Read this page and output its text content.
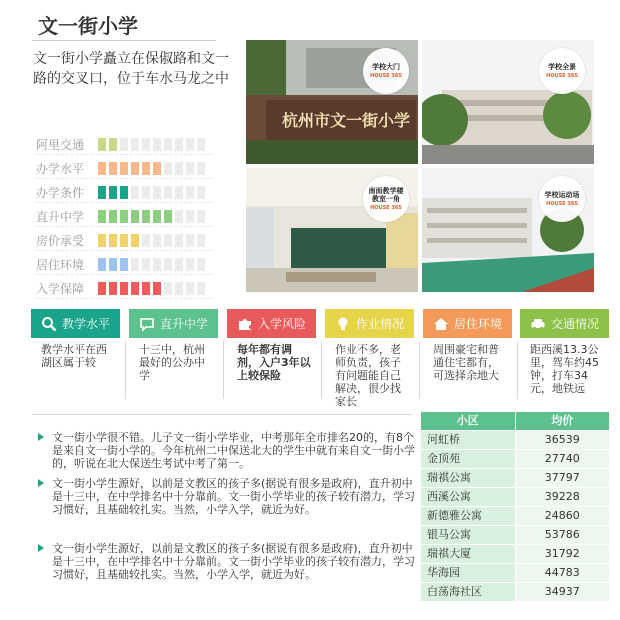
文一街小学
文一街小学矗立在保俶路和文一路的交叉口，位于车水马龙之中
阿里交通
办学水平
办学条件
直升中学
房价承受
居住环境
入学保障
杭州市文一街小学
学校大门
HOUSE 365
学校全景
HOUSE 365
南面教学楼教室一角
HOUSE 365
学校运动场
HOUSE 365
教学水平
教学水平在西湖区属于较
直升中学
十三中，杭州最好的公办中学
入学风险
每年都有调剂，入户3年以上较保险
作业情况
作业不多，老师负责，孩子有问题能自己解决，很少找家长
居住环境
周围豪宅和普通住宅都有，可选择余地大
交通情况
距西溪13.3公里，驾车约45钟，打车34元，地铁远
文一街小学很不错。儿子文一街小学毕业，中考那年全市排名20的，有8个是来自文一街小学的。今年杭州二中保送北大的学生中就有来自文一街小学的，听说在北大保送生考试中考了第一。
文一街小学生源好，以前是文教区的孩子多(据说有很多是政府)，直升初中是十三中，在中学排名中十分靠前。文一街小学毕业的孩子较有潜力，学习习惯好，且基础较扎实。当然，小学入学，就近为好。
文一街小学生源好，以前是文教区的孩子多(据说有很多是政府)，直升初中是十三中，在中学排名中十分靠前。文一街小学毕业的孩子较有潜力，学习习惯好，且基础较扎实。当然，小学入学，就近为好。
小区	均价
河虹桥	36539
金顶苑	27740
瑞祺公寓	37797
西溪公寓	39228
新德雅公寓	24860
银马公寓	53786
瑞祺大厦	31792
华海园	44783
白荡海社区	34937
